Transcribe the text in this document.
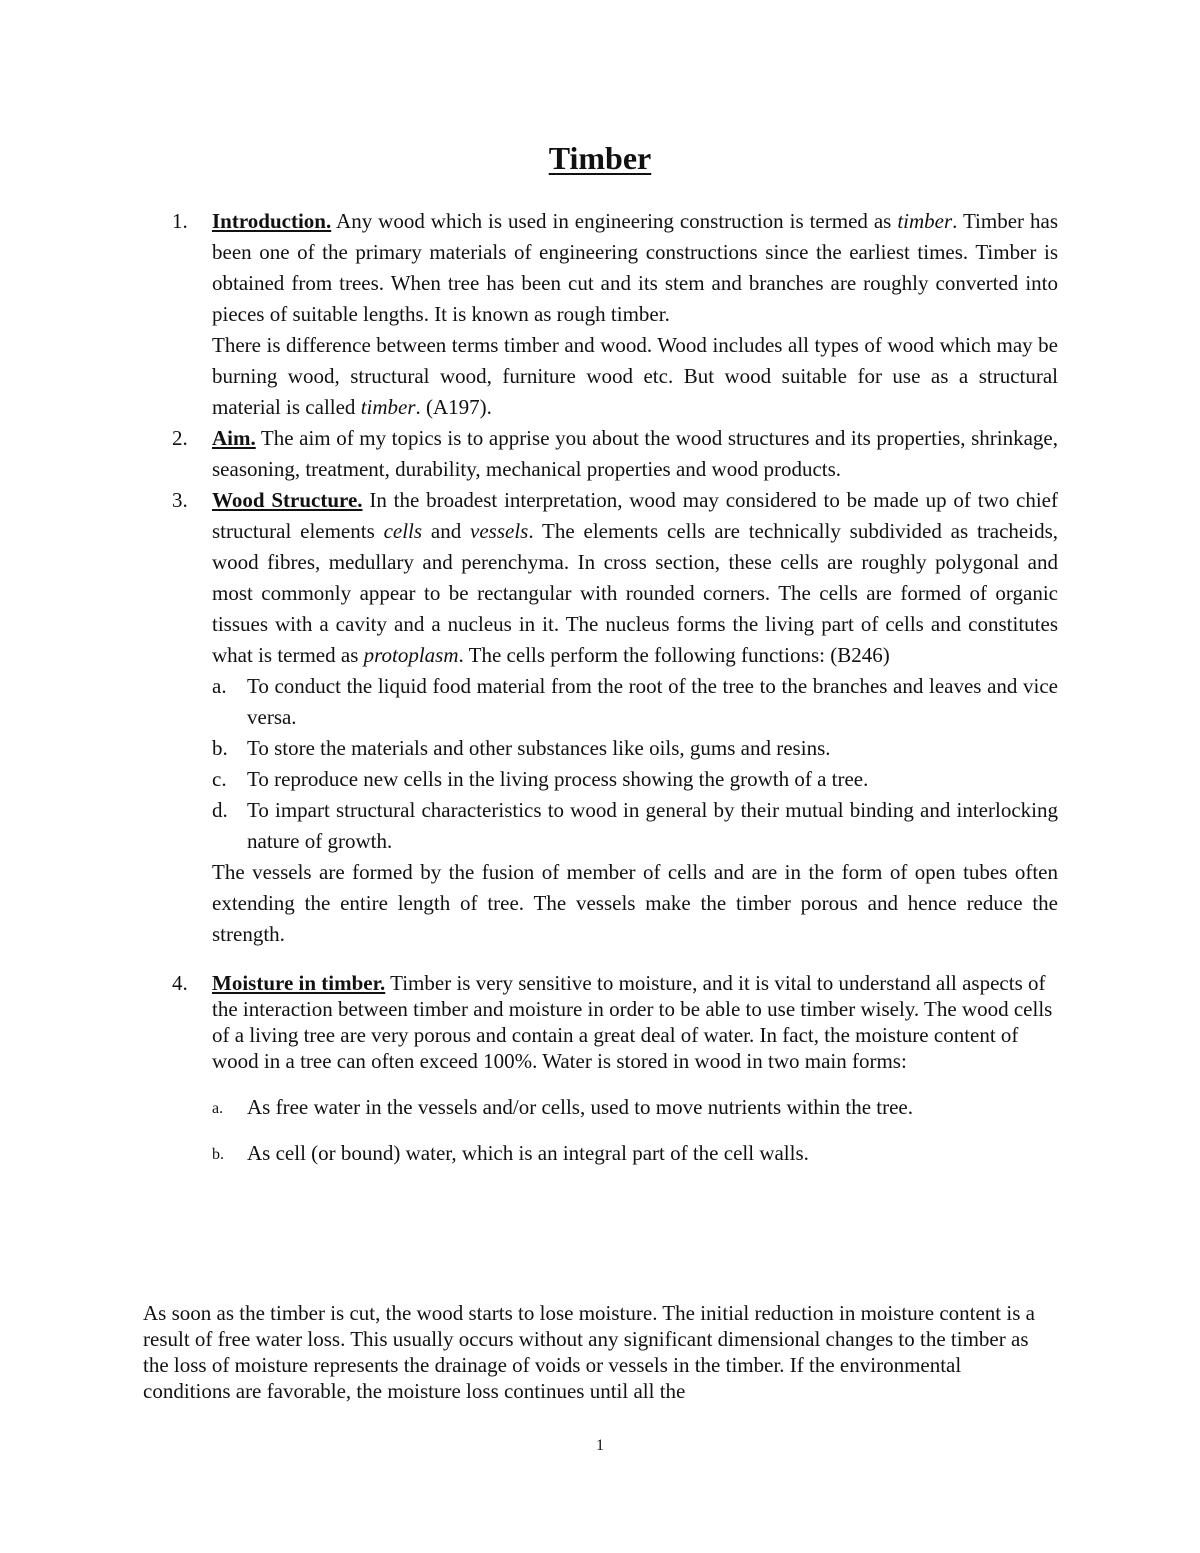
Timber
1. Introduction. Any wood which is used in engineering construction is termed as timber. Timber has been one of the primary materials of engineering constructions since the earliest times. Timber is obtained from trees. When tree has been cut and its stem and branches are roughly converted into pieces of suitable lengths. It is known as rough timber.
There is difference between terms timber and wood. Wood includes all types of wood which may be burning wood, structural wood, furniture wood etc. But wood suitable for use as a structural material is called timber. (A197).
2. Aim. The aim of my topics is to apprise you about the wood structures and its properties, shrinkage, seasoning, treatment, durability, mechanical properties and wood products.
3. Wood Structure. In the broadest interpretation, wood may considered to be made up of two chief structural elements cells and vessels. The elements cells are technically subdivided as tracheids, wood fibres, medullary and perenchyma. In cross section, these cells are roughly polygonal and most commonly appear to be rectangular with rounded corners. The cells are formed of organic tissues with a cavity and a nucleus in it. The nucleus forms the living part of cells and constitutes what is termed as protoplasm. The cells perform the following functions: (B246)
a. To conduct the liquid food material from the root of the tree to the branches and leaves and vice versa.
b. To store the materials and other substances like oils, gums and resins.
c. To reproduce new cells in the living process showing the growth of a tree.
d. To impart structural characteristics to wood in general by their mutual binding and interlocking nature of growth.
The vessels are formed by the fusion of member of cells and are in the form of open tubes often extending the entire length of tree. The vessels make the timber porous and hence reduce the strength.
4. Moisture in timber. Timber is very sensitive to moisture, and it is vital to understand all aspects of the interaction between timber and moisture in order to be able to use timber wisely. The wood cells of a living tree are very porous and contain a great deal of water. In fact, the moisture content of wood in a tree can often exceed 100%. Water is stored in wood in two main forms:
a. As free water in the vessels and/or cells, used to move nutrients within the tree.
b. As cell (or bound) water, which is an integral part of the cell walls.
As soon as the timber is cut, the wood starts to lose moisture. The initial reduction in moisture content is a result of free water loss. This usually occurs without any significant dimensional changes to the timber as the loss of moisture represents the drainage of voids or vessels in the timber. If the environmental conditions are favorable, the moisture loss continues until all the
1
